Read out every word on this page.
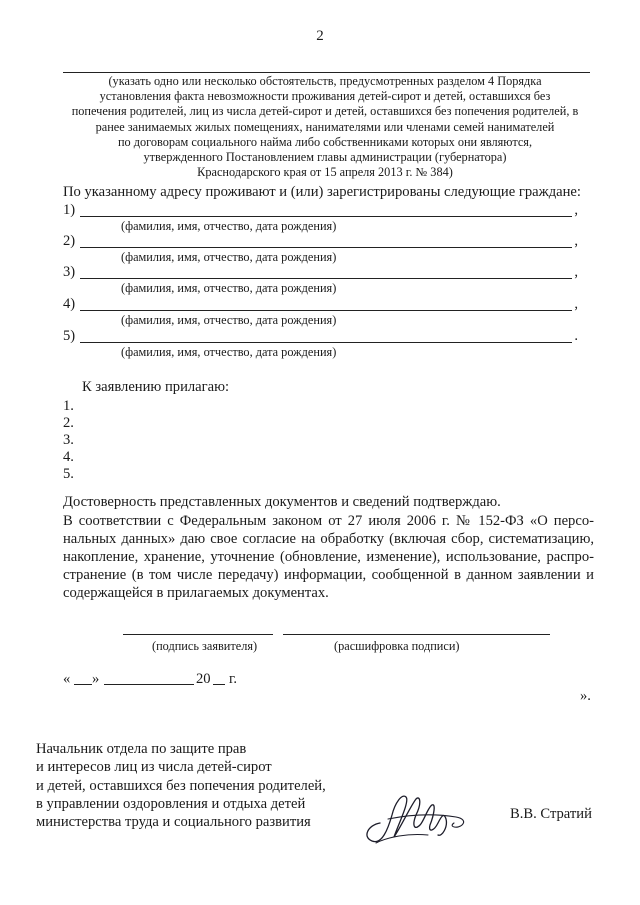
2
(указать одно или несколько обстоятельств, предусмотренных разделом 4 Порядка
установления факта невозможности проживания детей-сирот и детей, оставшихся без
попечения родителей, лиц из числа детей-сирот и детей, оставшихся без попечения родителей, в
ранее занимаемых жилых помещениях, нанимателями или членами семей нанимателей
по договорам социального найма либо собственниками которых они являются,
утвержденного Постановлением главы администрации (губернатора)
Краснодарского края от 15 апреля 2013 г. № 384)
По указанному адресу проживают и (или) зарегистрированы следующие граждане:
1)	,
(фамилия, имя, отчество, дата рождения)
2)	,
(фамилия, имя, отчество, дата рождения)
3)	,
(фамилия, имя, отчество, дата рождения)
4)	,
(фамилия, имя, отчество, дата рождения)
5)	.
(фамилия, имя, отчество, дата рождения)
К заявлению прилагаю:
1.
2.
3.
4.
5.
Достоверность представленных документов и сведений подтверждаю.
В соответствии с Федеральным законом от 27 июля 2006 г. № 152-ФЗ «О персо-
нальных данных» даю свое согласие на обработку (включая сбор, систематизацию,
накопление, хранение, уточнение (обновление, изменение), использование, распро-
странение (в том числе передачу) информации, сообщенной в данном заявлении и
содержащейся в прилагаемых документах.
(подпись заявителя)	(расшифровка подписи)
« »	20 г.
».
Начальник отдела по защите прав
и интересов лиц из числа детей-сирот
и детей, оставшихся без попечения родителей,
в управлении оздоровления и отдыха детей
министерства труда и социального развития
В.В. Стратий
